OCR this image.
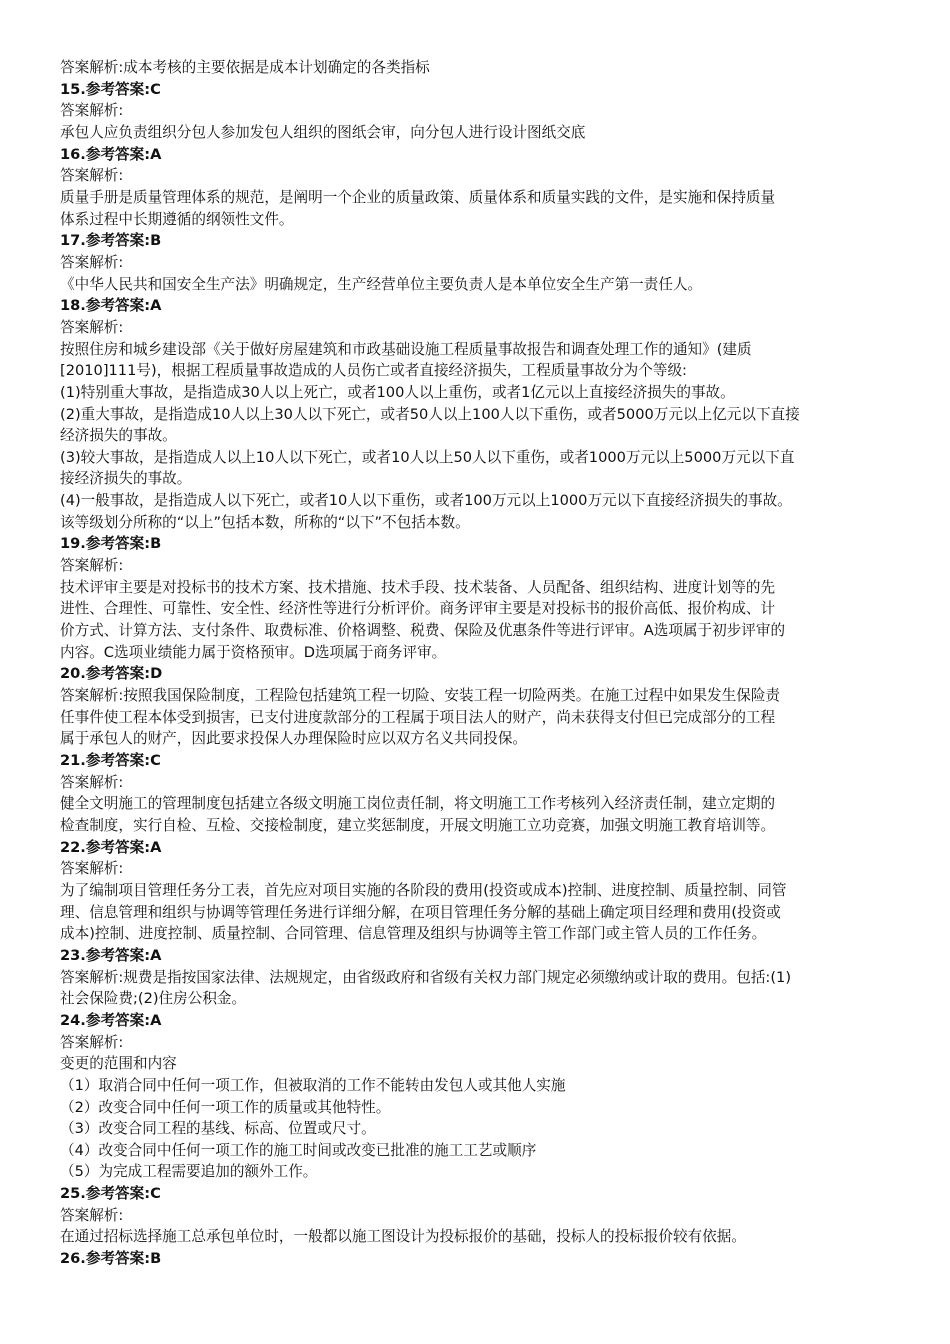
答案解析:成本考核的主要依据是成本计划确定的各类指标
15.参考答案:C
答案解析:
承包人应负责组织分包人参加发包人组织的图纸会审，向分包人进行设计图纸交底
16.参考答案:A
答案解析:
质量手册是质量管理体系的规范，是阐明一个企业的质量政策、质量体系和质量实践的文件，是实施和保持质量
体系过程中长期遵循的纲领性文件。
17.参考答案:B
答案解析:
《中华人民共和国安全生产法》明确规定，生产经营单位主要负责人是本单位安全生产第一责任人。
18.参考答案:A
答案解析:
按照住房和城乡建设部《关于做好房屋建筑和市政基础设施工程质量事故报告和调查处理工作的通知》(建质
[2010]111号)，根据工程质量事故造成的人员伤亡或者直接经济损失，工程质量事故分为个等级:
(1)特别重大事故，是指造成30人以上死亡，或者100人以上重伤，或者1亿元以上直接经济损失的事故。
(2)重大事故，是指造成10人以上30人以下死亡，或者50人以上100人以下重伤，或者5000万元以上亿元以下直接
经济损失的事故。
(3)较大事故，是指造成人以上10人以下死亡，或者10人以上50人以下重伤，或者1000万元以上5000万元以下直
接经济损失的事故。
(4)一般事故，是指造成人以下死亡，或者10人以下重伤，或者100万元以上1000万元以下直接经济损失的事故。
该等级划分所称的“以上”包括本数，所称的“以下”不包括本数。
19.参考答案:B
答案解析:
技术评审主要是对投标书的技术方案、技术措施、技术手段、技术装备、人员配备、组织结构、进度计划等的先
进性、合理性、可靠性、安全性、经济性等进行分析评价。商务评审主要是对投标书的报价高低、报价构成、计
价方式、计算方法、支付条件、取费标准、价格调整、税费、保险及优惠条件等进行评审。A选项属于初步评审的
内容。C选项业绩能力属于资格预审。D选项属于商务评审。
20.参考答案:D
答案解析:按照我国保险制度，工程险包括建筑工程一切险、安装工程一切险两类。在施工过程中如果发生保险责
任事件使工程本体受到损害，已支付进度款部分的工程属于项目法人的财产，尚未获得支付但已完成部分的工程
属于承包人的财产，因此要求投保人办理保险时应以双方名义共同投保。
21.参考答案:C
答案解析:
健全文明施工的管理制度包括建立各级文明施工岗位责任制，将文明施工工作考核列入经济责任制，建立定期的
检查制度，实行自检、互检、交接检制度，建立奖惩制度，开展文明施工立功竞赛，加强文明施工教育培训等。
22.参考答案:A
答案解析:
为了编制项目管理任务分工表，首先应对项目实施的各阶段的费用(投资或成本)控制、进度控制、质量控制、同管
理、信息管理和组织与协调等管理任务进行详细分解，在项目管理任务分解的基础上确定项目经理和费用(投资或
成本)控制、进度控制、质量控制、合同管理、信息管理及组织与协调等主管工作部门或主管人员的工作任务。
23.参考答案:A
答案解析:规费是指按国家法律、法规规定，由省级政府和省级有关权力部门规定必须缴纳或计取的费用。包括:(1)
社会保险费;(2)住房公积金。
24.参考答案:A
答案解析:
变更的范围和内容
（1）取消合同中任何一项工作，但被取消的工作不能转由发包人或其他人实施
（2）改变合同中任何一项工作的质量或其他特性。
（3）改变合同工程的基线、标高、位置或尺寸。
（4）改变合同中任何一项工作的施工时间或改变已批准的施工工艺或顺序
（5）为完成工程需要追加的额外工作。
25.参考答案:C
答案解析:
在通过招标选择施工总承包单位时，一般都以施工图设计为投标报价的基础，投标人的投标报价较有依据。
26.参考答案:B
